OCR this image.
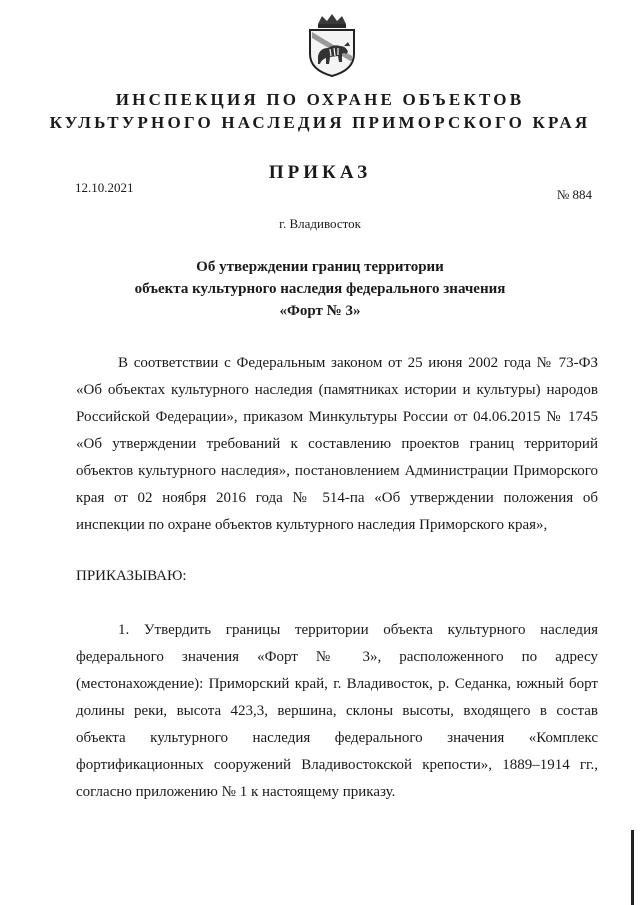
ИНСПЕКЦИЯ ПО ОХРАНЕ ОБЪЕКТОВ
КУЛЬТУРНОГО НАСЛЕДИЯ ПРИМОРСКОГО КРАЯ
ПРИКАЗ
12.10.2021	№ 884
г. Владивосток
Об утверждении границ территории
объекта культурного наследия федерального значения
«Форт № 3»

В соответствии с Федеральным законом от 25 июня 2002 года № 73-ФЗ «Об объектах культурного наследия (памятниках истории и культуры) народов Российской Федерации», приказом Минкультуры России от 04.06.2015 № 1745 «Об утверждении требований к составлению проектов границ территорий объектов культурного наследия», постановлением Администрации Приморского края от 02 ноября 2016 года № 514-па «Об утверждении положения об инспекции по охране объектов культурного наследия Приморского края»,

ПРИКАЗЫВАЮ:

1. Утвердить границы территории объекта культурного наследия федерального значения «Форт № 3», расположенного по адресу (местонахождение): Приморский край, г. Владивосток, р. Седанка, южный борт долины реки, высота 423,3, вершина, склоны высоты, входящего в состав объекта культурного наследия федерального значения «Комплекс фортификационных сооружений Владивостокской крепости», 1889–1914 гг., согласно приложению № 1 к настоящему приказу.
